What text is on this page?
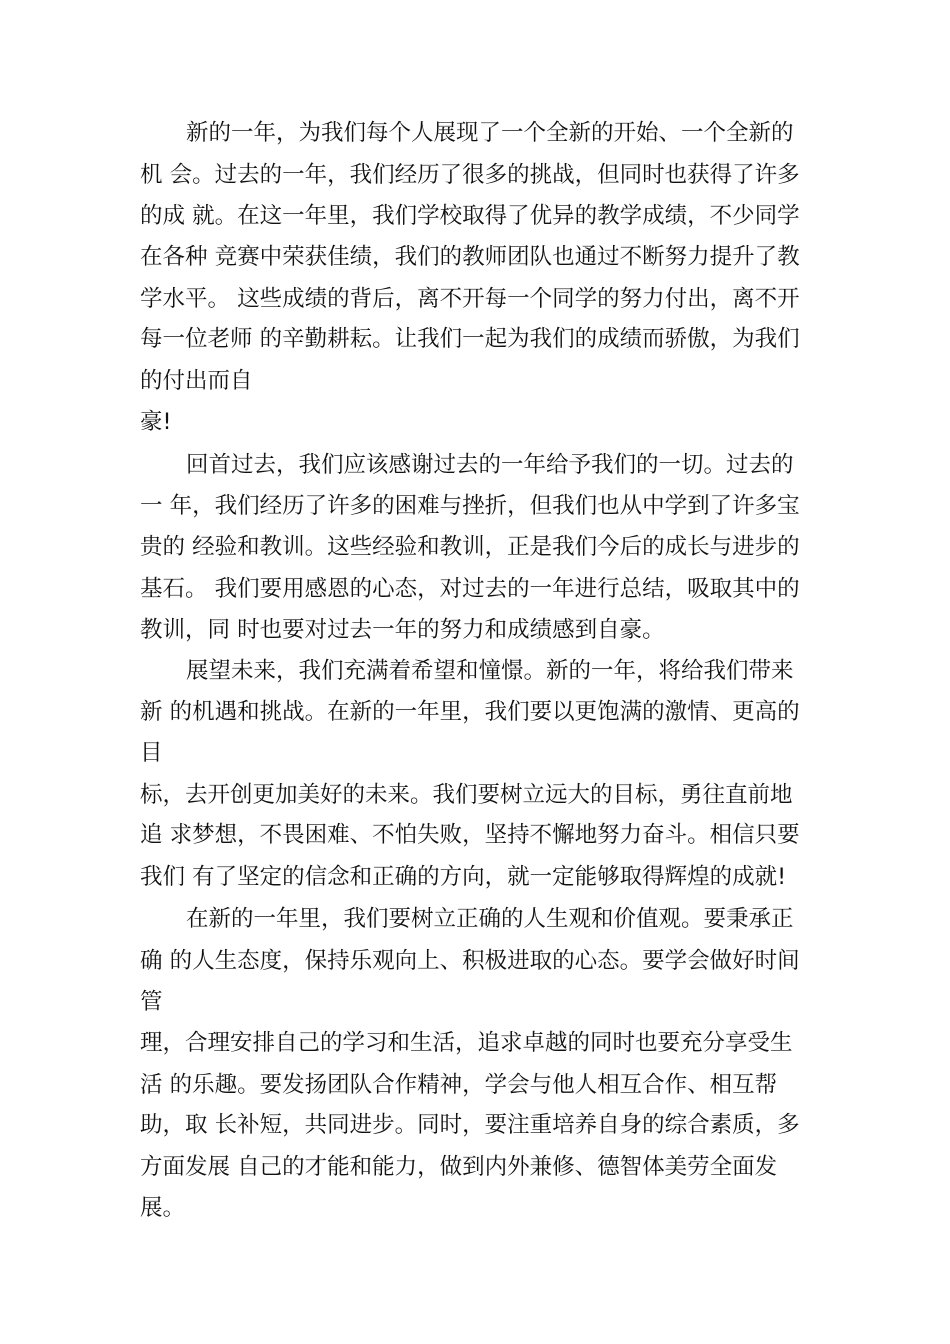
新的一年，为我们每个人展现了一个全新的开始、一个全新的
机 会。过去的一年，我们经历了很多的挑战，但同时也获得了许多
的成 就。在这一年里，我们学校取得了优异的教学成绩，不少同学
在各种 竞赛中荣获佳绩，我们的教师团队也通过不断努力提升了教
学水平。 这些成绩的背后，离不开每一个同学的努力付出，离不开
每一位老师 的辛勤耕耘。让我们一起为我们的成绩而骄傲，为我们
的付出而自
豪!
回首过去，我们应该感谢过去的一年给予我们的一切。过去的
一 年，我们经历了许多的困难与挫折，但我们也从中学到了许多宝
贵的 经验和教训。这些经验和教训，正是我们今后的成长与进步的
基石。 我们要用感恩的心态，对过去的一年进行总结，吸取其中的
教训，同 时也要对过去一年的努力和成绩感到自豪。
展望未来，我们充满着希望和憧憬。新的一年，将给我们带来
新 的机遇和挑战。在新的一年里，我们要以更饱满的激情、更高的
目
标，去开创更加美好的未来。我们要树立远大的目标，勇往直前地
追 求梦想，不畏困难、不怕失败，坚持不懈地努力奋斗。相信只要
我们 有了坚定的信念和正确的方向，就一定能够取得辉煌的成就!
在新的一年里，我们要树立正确的人生观和价值观。要秉承正
确 的人生态度，保持乐观向上、积极进取的心态。要学会做好时间
管
理，合理安排自己的学习和生活，追求卓越的同时也要充分享受生
活 的乐趣。要发扬团队合作精神，学会与他人相互合作、相互帮
助，取 长补短，共同进步。同时，要注重培养自身的综合素质，多
方面发展 自己的才能和能力，做到内外兼修、德智体美劳全面发
展。
